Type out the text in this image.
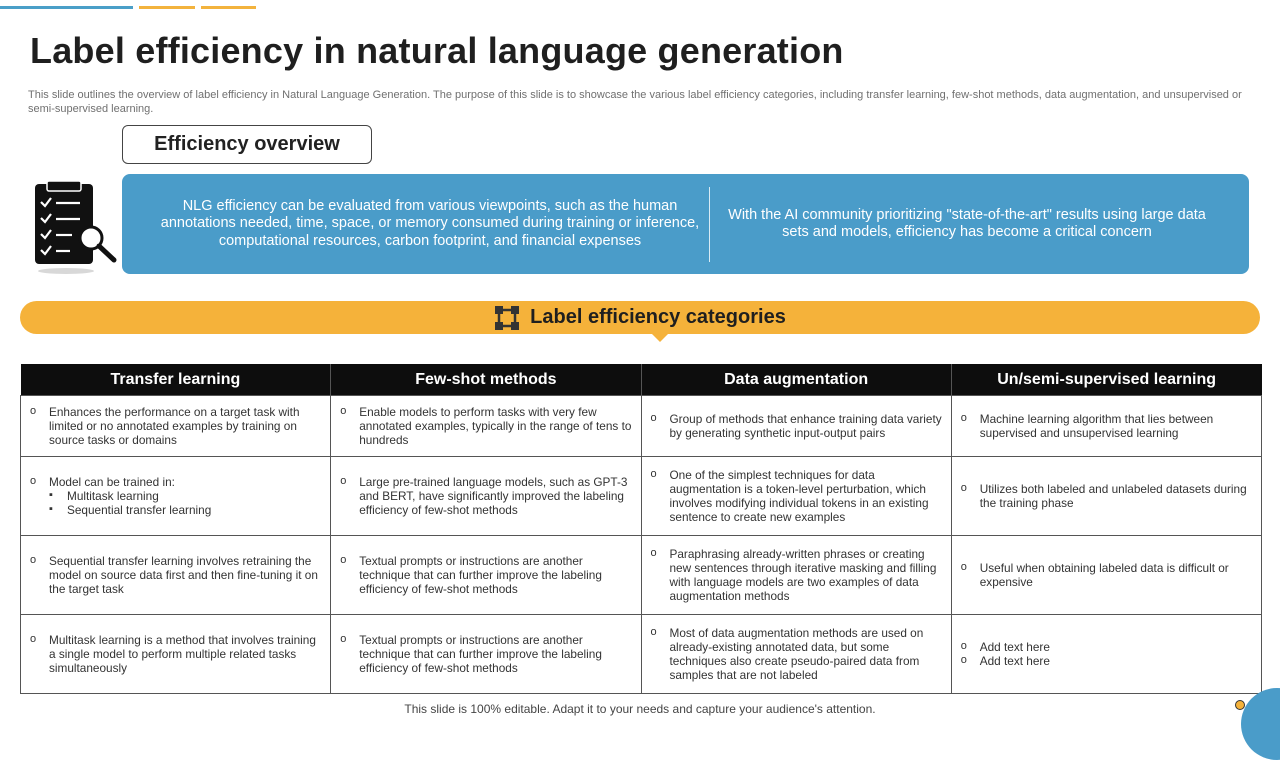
Label efficiency in natural language generation

This slide outlines the overview of label efficiency in Natural Language Generation. The purpose of this slide is to showcase the various label efficiency categories, including transfer learning, few-shot methods, data augmentation, and unsupervised or semi-supervised learning.

Efficiency overview
NLG efficiency can be evaluated from various viewpoints, such as the human annotations needed, time, space, or memory consumed during training or inference, computational resources, carbon footprint, and financial expenses
With the AI community prioritizing "state-of-the-art" results using large data sets and models, efficiency has become a critical concern
Label efficiency categories
Transfer learning	Few-shot methods	Data augmentation	Un/semi-supervised learning

o Enhances the performance on a target task with limited or no annotated examples by training on source tasks or domains	o Enable models to perform tasks with very few annotated examples, typically in the range of tens to hundreds	o Group of methods that enhance training data variety by generating synthetic input-output pairs	o Machine learning algorithm that lies between supervised and unsupervised learning

o Model can be trained in:
▪ Multitask learning
▪ Sequential transfer learning	o Large pre-trained language models, such as GPT-3 and BERT, have significantly improved the labeling efficiency of few-shot methods	o One of the simplest techniques for data augmentation is a token-level perturbation, which involves modifying individual tokens in an existing sentence to create new examples	o Utilizes both labeled and unlabeled datasets during the training phase

o Sequential transfer learning involves retraining the model on source data first and then fine-tuning it on the target task	o Textual prompts or instructions are another technique that can further improve the labeling efficiency of few-shot methods	o Paraphrasing already-written phrases or creating new sentences through iterative masking and filling with language models are two examples of data augmentation methods	o Useful when obtaining labeled data is difficult or expensive

o Multitask learning is a method that involves training a single model to perform multiple related tasks simultaneously	o Textual prompts or instructions are another technique that can further improve the labeling efficiency of few-shot methods	o Most of data augmentation methods are used on already-existing annotated data, but some techniques also create pseudo-paired data from samples that are not labeled	o Add text here
o Add text here
This slide is 100% editable. Adapt it to your needs and capture your audience's attention.
